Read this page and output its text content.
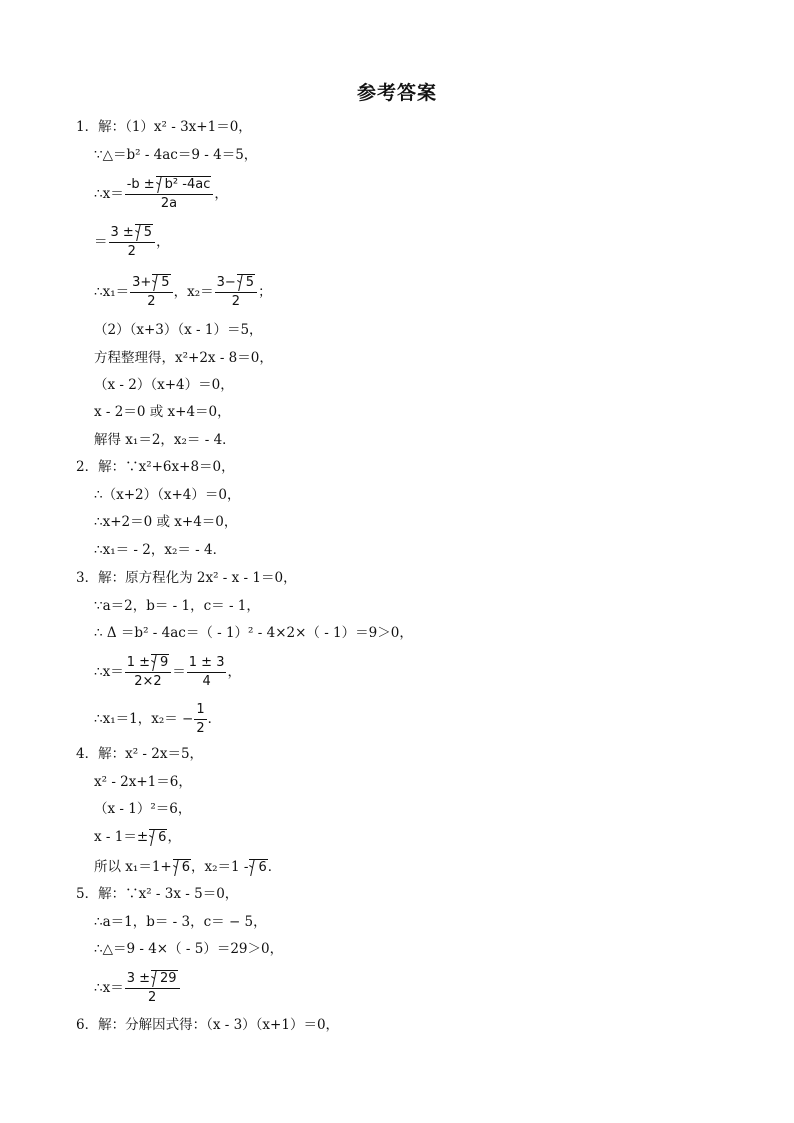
参考答案
1．解：（1）x² - 3x+1＝0，
∵△＝b² - 4ac＝9 - 4＝5，
∴x＝ $\frac{\text{-b ±b² -4ac}}{2a}$ ，
＝ $\frac{3 \pm 5}{2}$ ，
∴x₁＝ $\frac{3+ 5}{2}$ ，$x_2= \frac{3- 5}{2}$ ；
（2）（x+3）（x - 1）＝5，
方程整理得，x²+2x - 8＝0，
（x - 2）（x+4）＝0，
x - 2＝0 或 x+4＝0，
解得 x₁＝2，x₂＝ - 4．
2．解：∵x²+6x+8＝0，
∴（x+2）（x+4）＝0，
∴x+2＝0 或 x+4＝0，
∴x₁＝ - 2，x₂＝ - 4．
3．解：原方程化为 2x² - x - 1＝0，
∵a＝2，b＝ - 1，c＝ - 1，
∴ Δ ＝b² - 4ac＝（ - 1）² - 4×2×（ - 1）＝9＞0，
∴x＝ $\frac{1 \pm 9}{2\times 2} = \frac{1 \pm 3}{4}$ ，
∴x₁＝1，$x_2= - \frac{1}{2}$ ．
4．解：x² - 2x＝5，
x² - 2x+1＝6，
（x - 1）²＝6，
x - 1＝± 6 ，
所以 x₁＝1+ 6 ，x₂＝1 - 6 ．
5．解：∵x² - 3x - 5＝0，
∴a＝1，b＝ - 3，c＝ − 5，
∴△＝9 - 4×（ - 5）＝29＞0，
∴x＝ $\frac{3 \pm 29}{2}$
6．解：分解因式得：（x - 3）（x+1）＝0，
